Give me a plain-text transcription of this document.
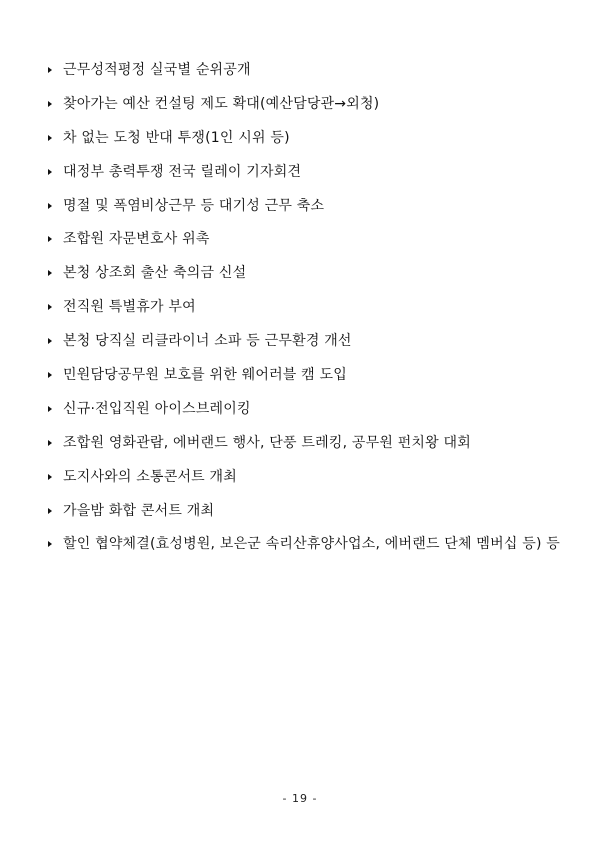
근무성적평정 실국별 순위공개
찾아가는 예산 컨설팅 제도 확대(예산담당관→외청)
차 없는 도청 반대 투쟁(1인 시위 등)
대정부 총력투쟁 전국 릴레이 기자회견
명절 및 폭염비상근무 등 대기성 근무 축소
조합원 자문변호사 위촉
본청 상조회 출산 축의금 신설
전직원 특별휴가 부여
본청 당직실 리클라이너 소파 등 근무환경 개선
민원담당공무원 보호를 위한 웨어러블 캠 도입
신규·전입직원 아이스브레이킹
조합원 영화관람, 에버랜드 행사, 단풍 트레킹, 공무원 펀치왕 대회
도지사와의 소통콘서트 개최
가을밤 화합 콘서트 개최
할인 협약체결(효성병원, 보은군 속리산휴양사업소, 에버랜드 단체 멤버십 등) 등
- 19 -
